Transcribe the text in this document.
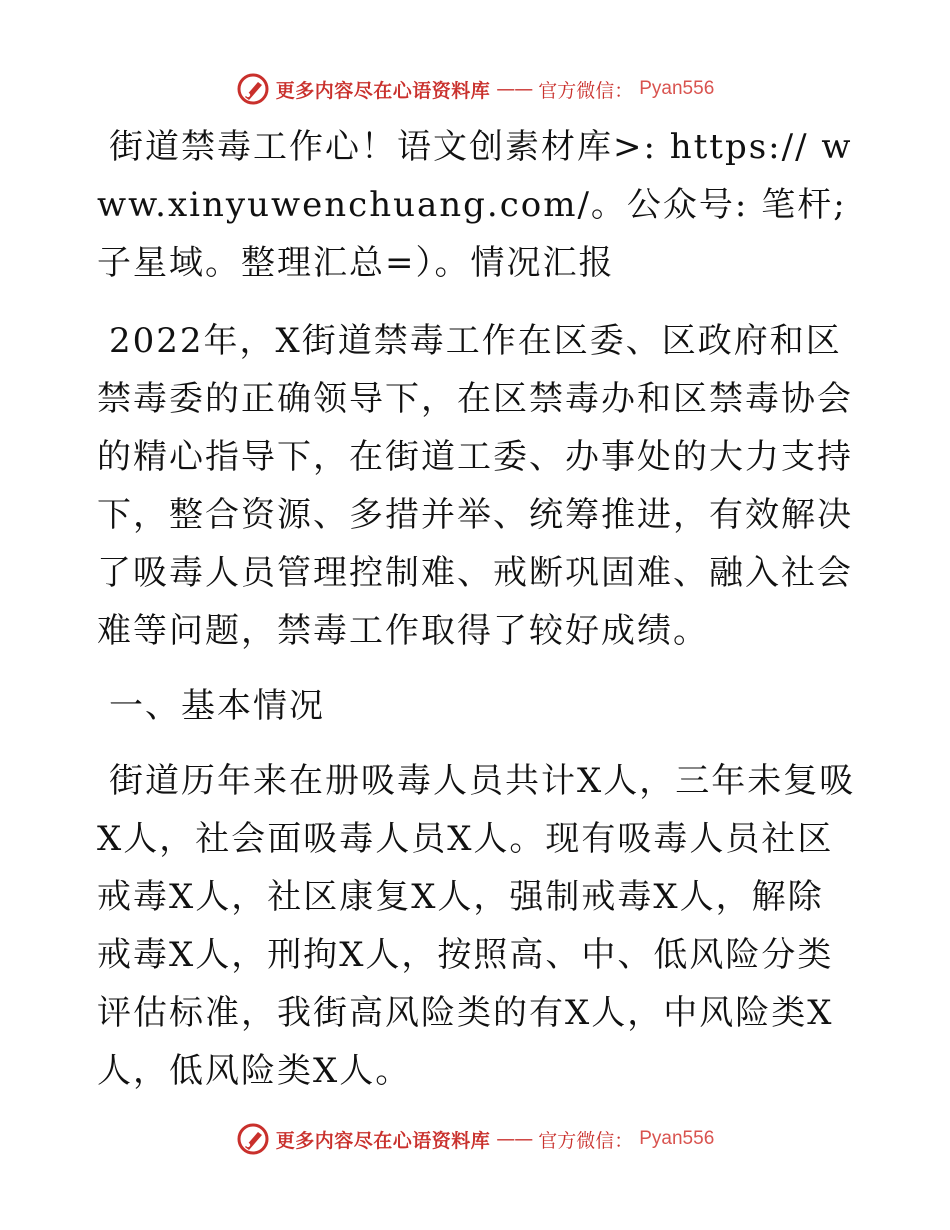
更多内容尽在心语资料库 —— 官方微信： Pyan556

街道禁毒工作心！语文创素材库>: https:// www.xinyuwenchuang.com/。公众号: 笔杆;子星域。整理汇总=）。情况汇报

2022年，X街道禁毒工作在区委、区政府和区禁毒委的正确领导下，在区禁毒办和区禁毒协会的精心指导下，在街道工委、办事处的大力支持下，整合资源、多措并举、统筹推进，有效解决了吸毒人员管理控制难、戒断巩固难、融入社会难等问题，禁毒工作取得了较好成绩。

一、基本情况

街道历年来在册吸毒人员共计X人，三年未复吸X人，社会面吸毒人员X人。现有吸毒人员社区戒毒X人，社区康复X人，强制戒毒X人，解除戒毒X人，刑拘X人，按照高、中、低风险分类评估标准，我街高风险类的有X人，中风险类X人，低风险类X人。

更多内容尽在心语资料库 —— 官方微信： Pyan556
